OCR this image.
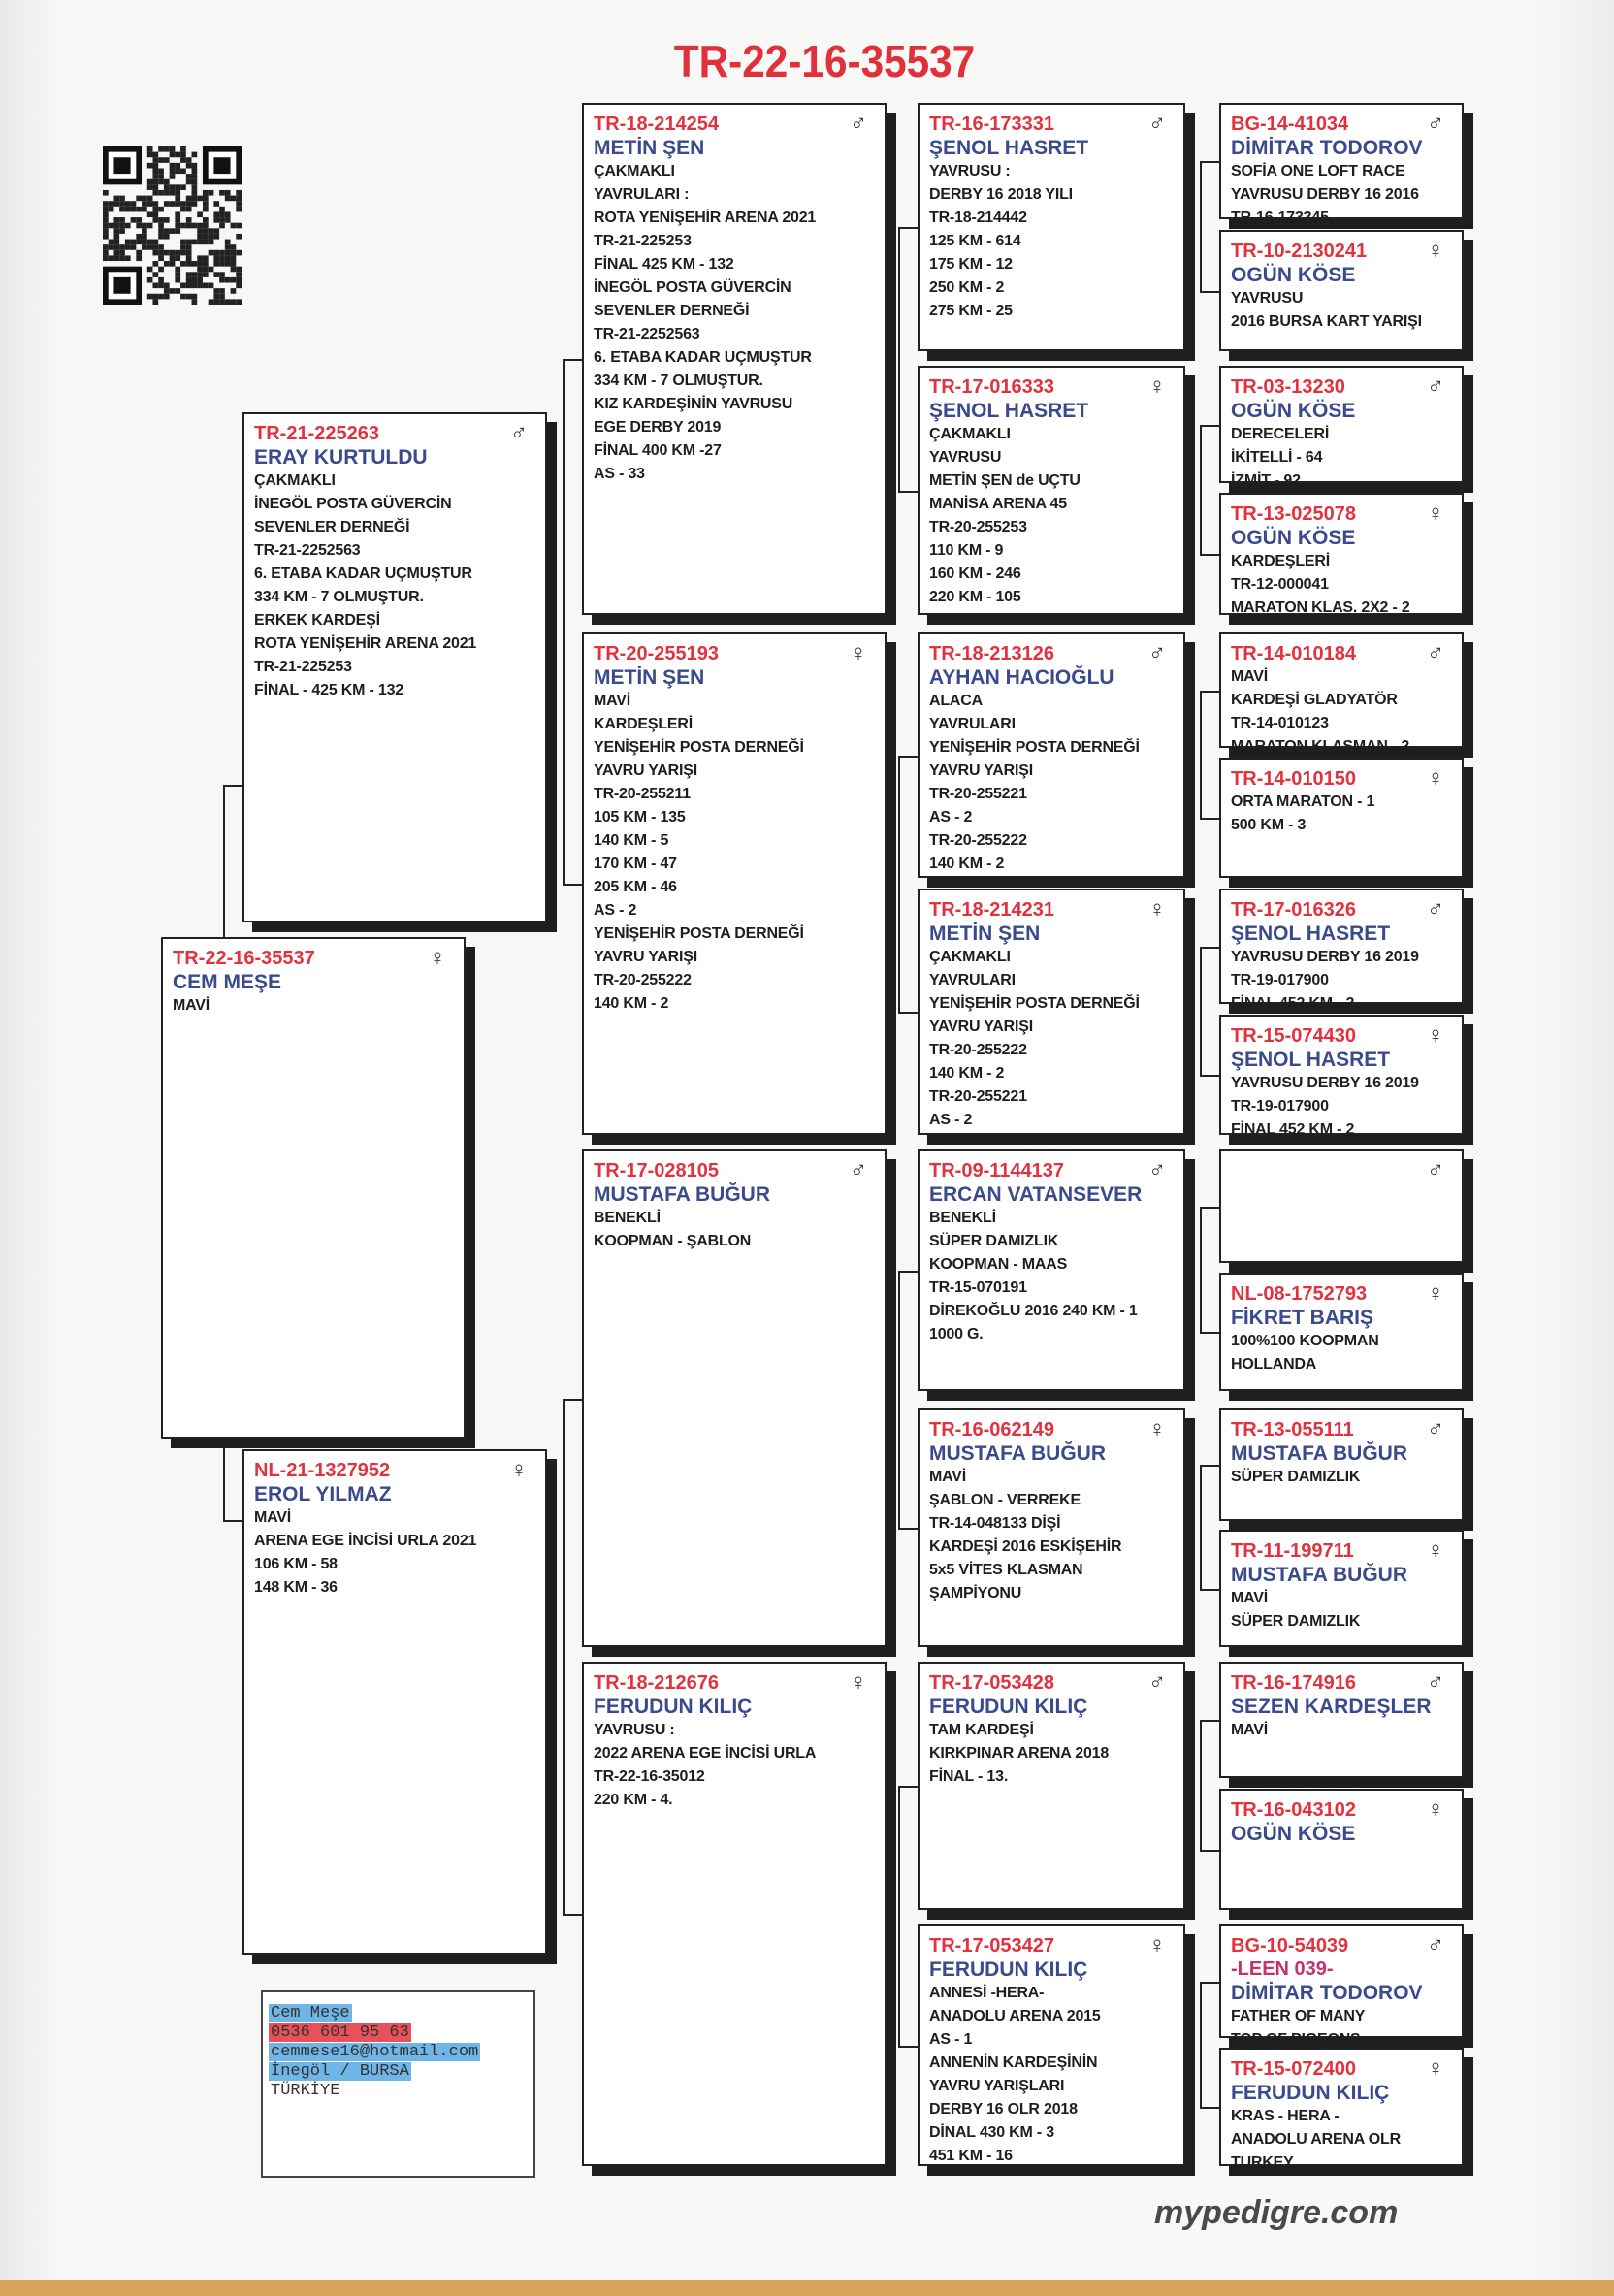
TR-22-16-35537
TR-21-225263
ERAY KURTULDU
ÇAKMAKLI
İNEGÖL POSTA GÜVERCİN
SEVENLER DERNEĞİ
TR-21-2252563
6. ETABA KADAR UÇMUŞTUR
334 KM - 7 OLMUŞTUR.
ERKEK KARDEŞİ
ROTA YENİŞEHİR ARENA 2021
TR-21-225253
FİNAL - 425 KM - 132
♂
NL-21-1327952
EROL YILMAZ
MAVİ
ARENA EGE İNCİSİ URLA 2021
106 KM - 58
148 KM - 36
♀
TR-22-16-35537
CEM MEŞE
MAVİ
♀
TR-18-214254
METİN ŞEN
ÇAKMAKLI
YAVRULARI :
ROTA YENİŞEHİR ARENA 2021
TR-21-225253
FİNAL 425 KM - 132
İNEGÖL POSTA GÜVERCİN
SEVENLER DERNEĞİ
TR-21-2252563
6. ETABA KADAR UÇMUŞTUR
334 KM - 7 OLMUŞTUR.
KIZ KARDEŞİNİN YAVRUSU
EGE DERBY 2019
FİNAL 400 KM -27
AS - 33
♂
TR-20-255193
METİN ŞEN
MAVİ
KARDEŞLERİ
YENİŞEHİR POSTA DERNEĞİ
YAVRU YARIŞI
TR-20-255211
105 KM - 135
140 KM - 5
170 KM - 47
205 KM - 46
AS - 2
YENİŞEHİR POSTA DERNEĞİ
YAVRU YARIŞI
TR-20-255222
140 KM - 2
♀
TR-17-028105
MUSTAFA BUĞUR
BENEKLİ
KOOPMAN - ŞABLON
♂
TR-18-212676
FERUDUN KILIÇ
YAVRUSU :
2022 ARENA EGE İNCİSİ URLA
TR-22-16-35012
220 KM - 4.
♀
TR-16-173331
ŞENOL HASRET
YAVRUSU :
DERBY 16 2018 YILI
TR-18-214442
125 KM - 614
175 KM - 12
250 KM - 2
275 KM - 25
♂
TR-17-016333
ŞENOL HASRET
ÇAKMAKLI
YAVRUSU
METİN ŞEN de UÇTU
MANİSA ARENA 45
TR-20-255253
110 KM - 9
160 KM - 246
220 KM - 105
♀
TR-18-213126
AYHAN HACIOĞLU
ALACA
YAVRULARI
YENİŞEHİR POSTA DERNEĞİ
YAVRU YARIŞI
TR-20-255221
AS - 2
TR-20-255222
140 KM - 2
♂
TR-18-214231
METİN ŞEN
ÇAKMAKLI
YAVRULARI
YENİŞEHİR POSTA DERNEĞİ
YAVRU YARIŞI
TR-20-255222
140 KM - 2
TR-20-255221
AS - 2
♀
TR-09-1144137
ERCAN VATANSEVER
BENEKLİ
SÜPER DAMIZLIK
KOOPMAN - MAAS
TR-15-070191
DİREKOĞLU 2016 240 KM - 1
1000 G.
♂
TR-16-062149
MUSTAFA BUĞUR
MAVİ
ŞABLON - VERREKE
TR-14-048133 DİŞİ
KARDEŞİ 2016 ESKİŞEHİR
5x5 VİTES KLASMAN
ŞAMPİYONU
♀
TR-17-053428
FERUDUN KILIÇ
TAM KARDEŞİ
KIRKPINAR ARENA 2018
FİNAL - 13.
♂
TR-17-053427
FERUDUN KILIÇ
ANNESİ -HERA-
ANADOLU ARENA 2015
AS - 1
ANNENİN KARDEŞİNİN
YAVRU YARIŞLARI
DERBY 16 OLR 2018
DİNAL 430 KM - 3
451 KM - 16
♀
BG-14-41034
DİMİTAR TODOROV
SOFİA ONE LOFT RACE
YAVRUSU DERBY 16 2016
TR-16-173345
♂
TR-10-2130241
OGÜN KÖSE
YAVRUSU
2016 BURSA KART YARIŞI
♀
TR-03-13230
OGÜN KÖSE
DERECELERİ
İKİTELLİ - 64
İZMİT - 92
♂
TR-13-025078
OGÜN KÖSE
KARDEŞLERİ
TR-12-000041
MARATON KLAS. 2X2 - 2
♀
TR-14-010184
MAVİ
KARDEŞİ GLADYATÖR
TR-14-010123
MARATON KLASMAN - 2
♂
TR-14-010150
ORTA MARATON - 1
500 KM - 3
♀
TR-17-016326
ŞENOL HASRET
YAVRUSU DERBY 16 2019
TR-19-017900
FİNAL 452 KM - 2
♂
TR-15-074430
ŞENOL HASRET
YAVRUSU DERBY 16 2019
TR-19-017900
FİNAL 452 KM - 2
♀
♂
NL-08-1752793
FİKRET BARIŞ
100%100 KOOPMAN
HOLLANDA
♀
TR-13-055111
MUSTAFA BUĞUR
SÜPER DAMIZLIK
♂
TR-11-199711
MUSTAFA BUĞUR
MAVİ
SÜPER DAMIZLIK
♀
TR-16-174916
SEZEN KARDEŞLER
MAVİ
♂
TR-16-043102
OGÜN KÖSE
♀
BG-10-54039
-LEEN 039-
DİMİTAR TODOROV
FATHER OF MANY
TOP OF PIGEONS
♂
TR-15-072400
FERUDUN KILIÇ
KRAS - HERA -
ANADOLU ARENA OLR
TURKEY
♀
Cem Meşe
0536 601 95 63
cemmese16@hotmail.com
İnegöl / BURSA
TÜRKİYE
mypedigre.com
